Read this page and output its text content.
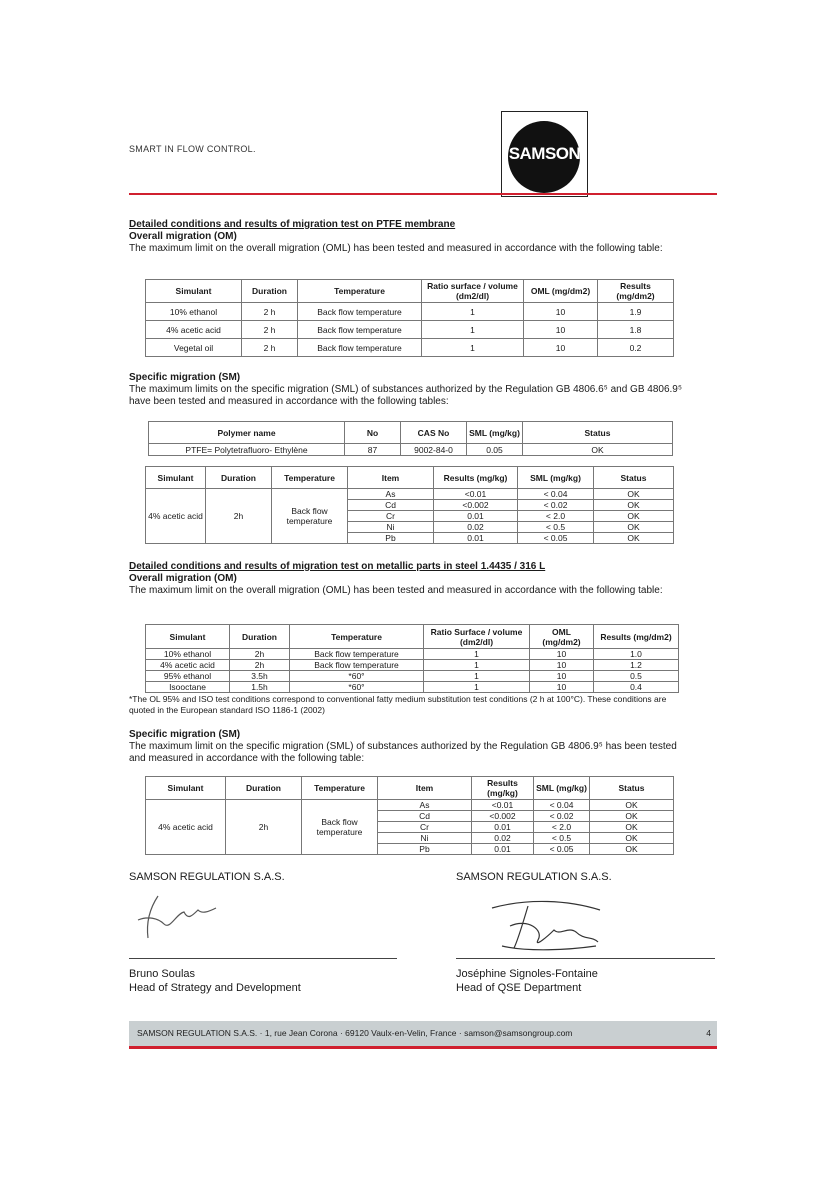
SMART IN FLOW CONTROL.	SAMSON
Detailed conditions and results of migration test on PTFE membrane
Overall migration (OM)
The maximum limit on the overall migration (OML) has been tested and measured in accordance with the following table:
Simulant	Duration	Temperature	Ratio surface / volume (dm2/dl)	OML (mg/dm2)	Results (mg/dm2)
10% ethanol	2 h	Back flow temperature	1	10	1.9
4% acetic acid	2 h	Back flow temperature	1	10	1.8
Vegetal oil	2 h	Back flow temperature	1	10	0.2
Specific migration (SM)
The maximum limits on the specific migration (SML) of substances authorized by the Regulation GB 4806.6⁵ and GB 4806.9⁵ have been tested and measured in accordance with the following tables:
Polymer name	No	CAS No	SML (mg/kg)	Status
PTFE= Polytetrafluoro- Ethylène	87	9002-84-0	0.05	OK
Simulant	Duration	Temperature	Item	Results (mg/kg)	SML (mg/kg)	Status
4% acetic acid	2h	Back flow temperature	As	<0.01	< 0.04	OK
			Cd	<0.002	< 0.02	OK
			Cr	0.01	< 2.0	OK
			Ni	0.02	< 0.5	OK
			Pb	0.01	< 0.05	OK
Detailed conditions and results of migration test on metallic parts in steel 1.4435 / 316 L
Overall migration (OM)
The maximum limit on the overall migration (OML) has been tested and measured in accordance with the following table:
Simulant	Duration	Temperature	Ratio Surface / volume (dm2/dl)	OML (mg/dm2)	Results (mg/dm2)
10% ethanol	2h	Back flow temperature	1	10	1.0
4% acetic acid	2h	Back flow temperature	1	10	1.2
95% ethanol	3.5h	*60°	1	10	0.5
Isooctane	1.5h	*60°	1	10	0.4
*The OL 95% and ISO test conditions correspond to conventional fatty medium substitution test conditions (2 h at 100°C). These conditions are quoted in the European standard ISO 1186-1 (2002)
Specific migration (SM)
The maximum limit on the specific migration (SML) of substances authorized by the Regulation GB 4806.9⁵ has been tested and measured in accordance with the following table:
Simulant	Duration	Temperature	Item	Results (mg/kg)	SML (mg/kg)	Status
4% acetic acid	2h	Back flow temperature	As	<0.01	< 0.04	OK
			Cd	<0.002	< 0.02	OK
			Cr	0.01	< 2.0	OK
			Ni	0.02	< 0.5	OK
			Pb	0.01	< 0.05	OK
SAMSON REGULATION S.A.S.
Bruno Soulas
Head of Strategy and Development
SAMSON REGULATION S.A.S.
Joséphine Signoles-Fontaine
Head of QSE Department
SAMSON REGULATION S.A.S. · 1, rue Jean Corona · 69120 Vaulx-en-Velin, France · samson@samsongroup.com	4
